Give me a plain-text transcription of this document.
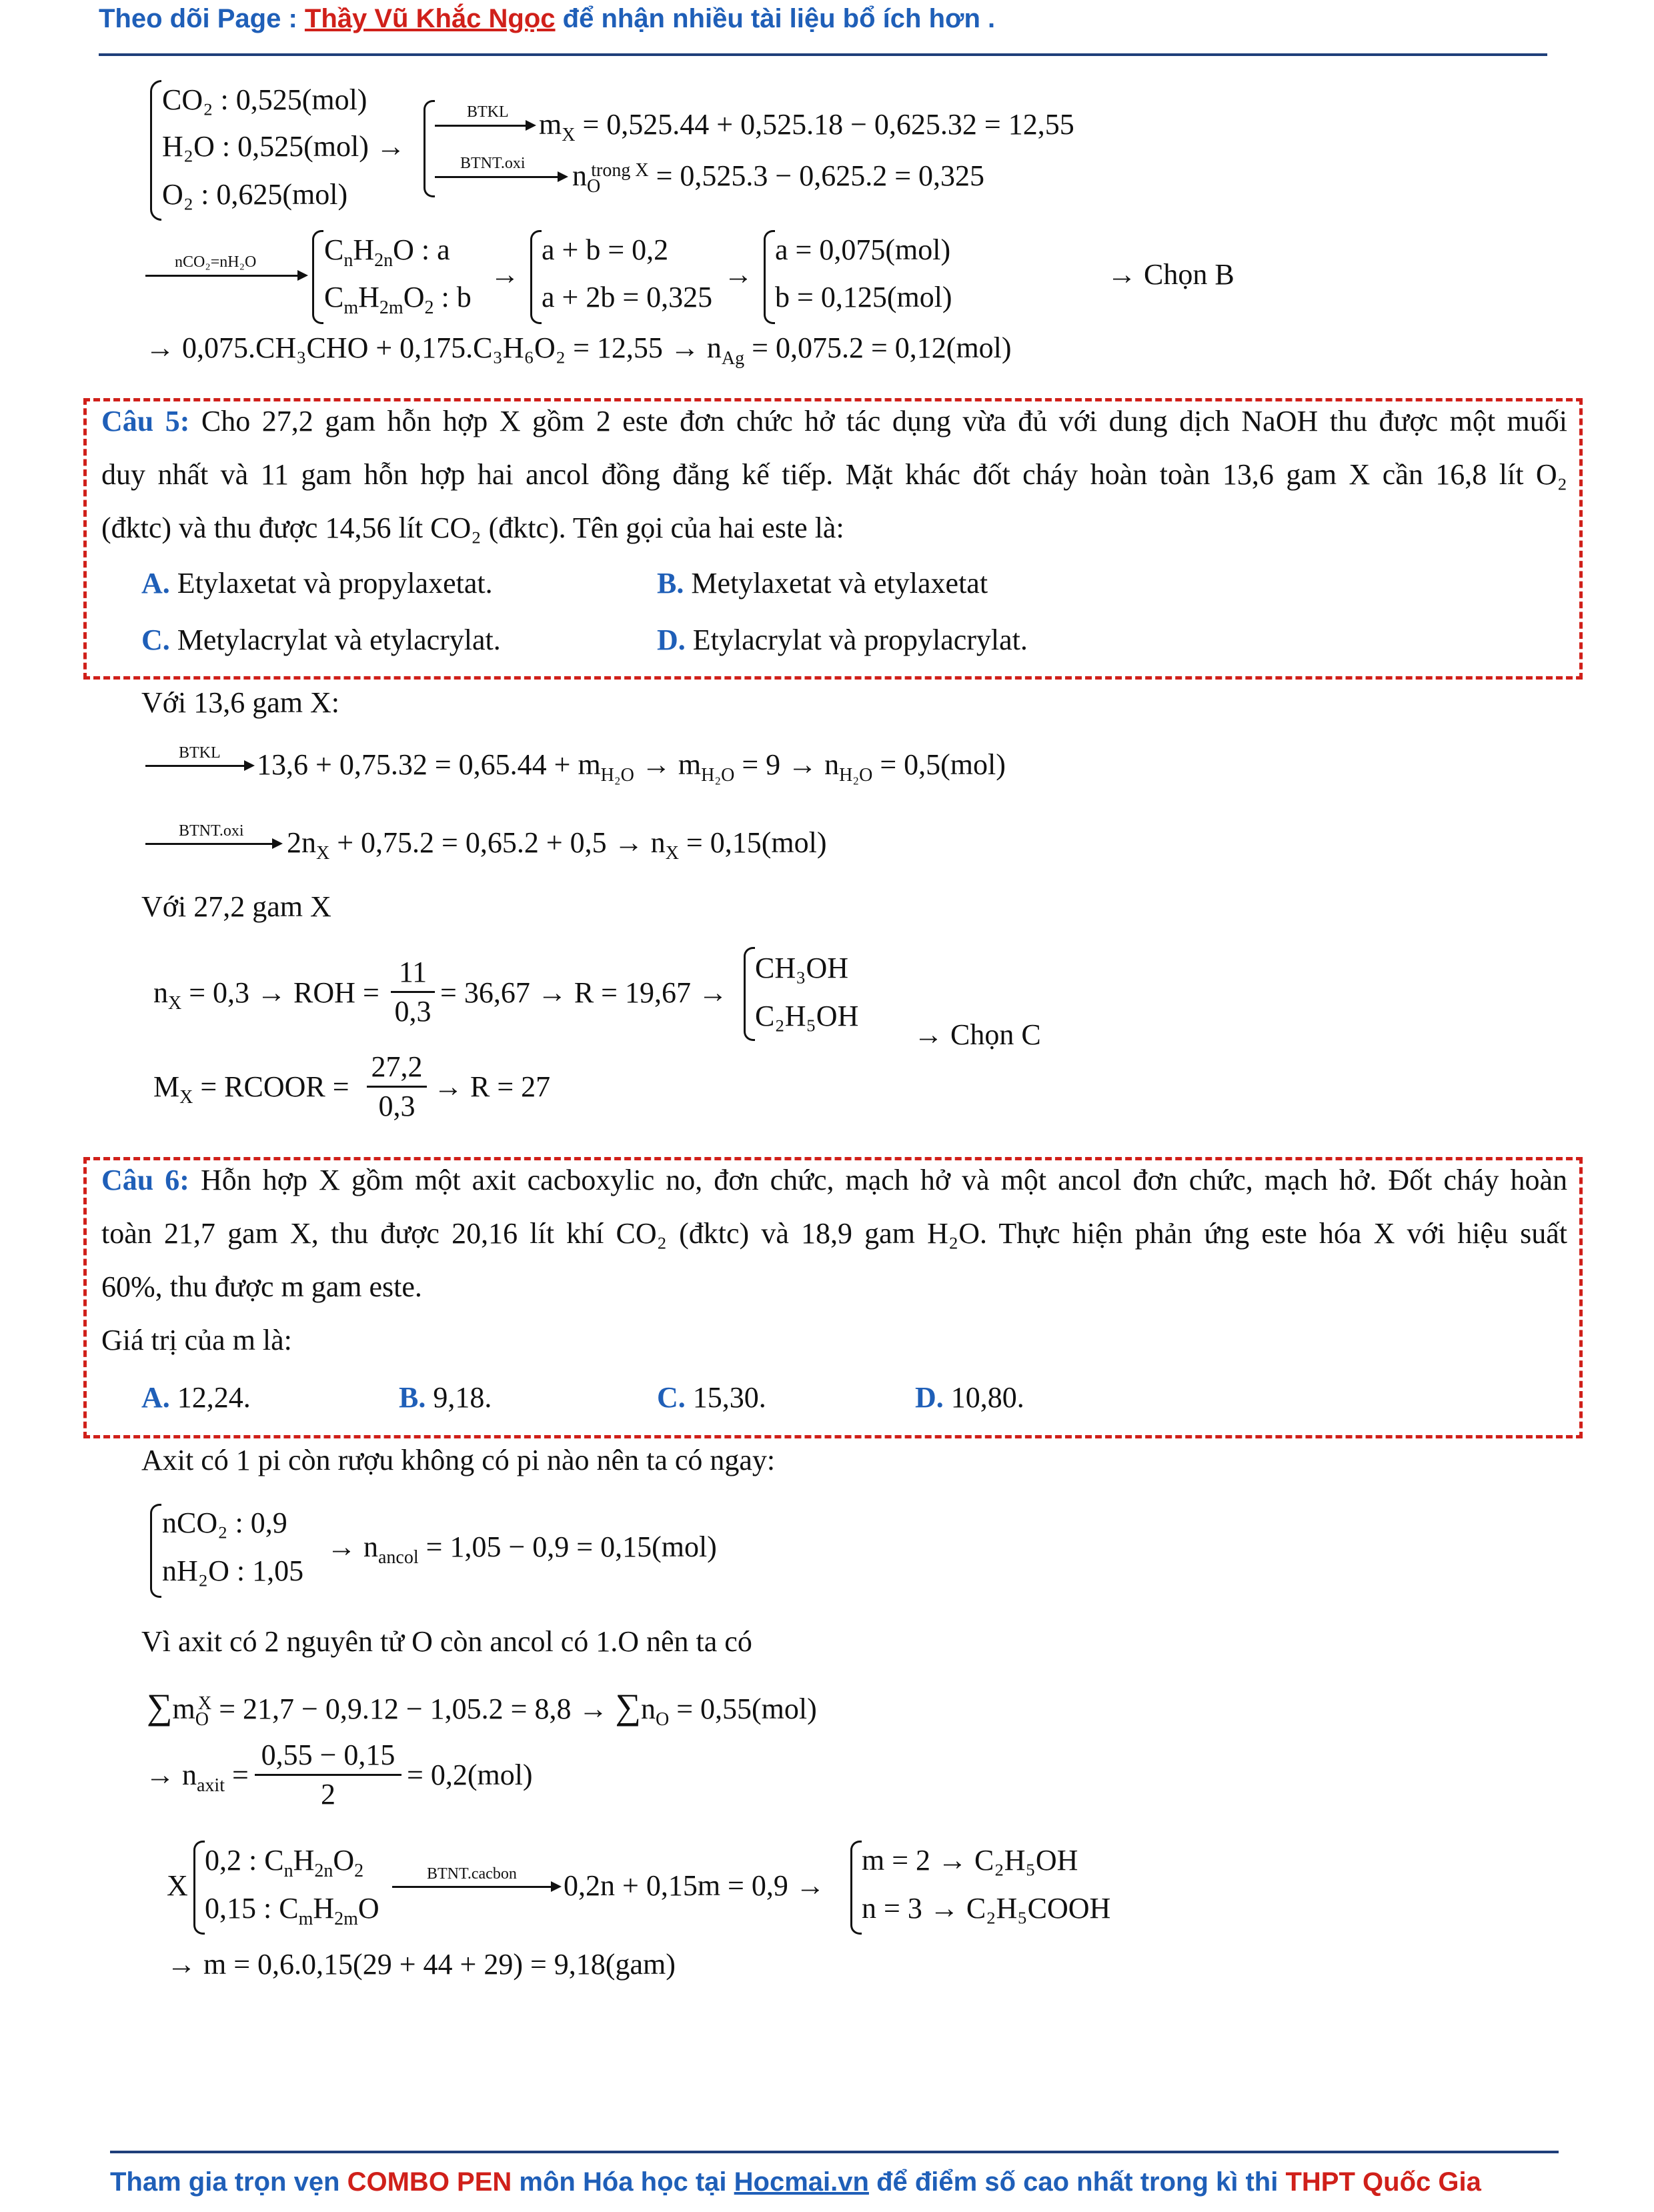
Theo dõi Page : Thầy Vũ Khắc Ngọc để nhận nhiều tài liệu bổ ích hơn .
CO₂ : 0,525(mol)
H₂O : 0,525(mol) →
O₂ : 0,625(mol)
BTKL $m_X = 0,525.44 + 0,525.18 - 0,625.32 = 12,55$
BTNT.oxi $n_O^{trong X} = 0,525.3 - 0,625.2 = 0,325$
nCO₂=nH₂O $C_nH_{2n}O$ : a
$C_mH_{2m}O_2$ : b
→
a + b = 0,2
a + 2b = 0,325
→
a = 0,075(mol)
b = 0,125(mol)
→ Chọn B
→ $0,075.CH_3CHO + 0,175.C_3H_6O_2 = 12,55 \to n_{Ag} = 0,075.2 = 0,12(mol)$
Câu 5: Cho 27,2 gam hỗn hợp X gồm 2 este đơn chức hở tác dụng vừa đủ với dung dịch NaOH thu được một muối
duy nhất và 11 gam hỗn hợp hai ancol đồng đẳng kế tiếp. Mặt khác đốt cháy hoàn toàn 13,6 gam X cần 16,8 lít O₂
(đktc) và thu được 14,56 lít CO₂ (đktc). Tên gọi của hai este là:
A. Etylaxetat và propylaxetat.	B. Metylaxetat và etylaxetat
C. Metylacrylat và etylacrylat.	D. Etylacrylat và propylacrylat.
Với 13,6 gam X:
BTKL $13,6 + 0,75.32 = 0,65.44 + m_{H_2O} \to m_{H_2O} = 9 \to n_{H_2O} = 0,5(mol)$
BTNT.oxi $2n_X + 0,75.2 = 0,65.2 + 0,5 \to n_X = 0,15(mol)$
Với 27,2 gam X
$n_X = 0,3$ → ROH =
11
0,3
= 36,67 → R = 19,67 →
CH₃OH
C₂H₅OH
→ Chọn C
$M_X$ = RCOOR =
27,2
0,3
→ R = 27
Câu 6: Hỗn hợp X gồm một axit cacboxylic no, đơn chức, mạch hở và một ancol đơn chức, mạch hở. Đốt cháy hoàn
toàn 21,7 gam X, thu được 20,16 lít khí CO₂ (đktc) và 18,9 gam H₂O. Thực hiện phản ứng este hóa X với hiệu suất
60%, thu được m gam este.
Giá trị của m là:
A. 12,24.	B. 9,18.	C. 15,30.	D. 10,80.
Axit có 1 pi còn rượu không có pi nào nên ta có ngay:
nCO₂ : 0,9
nH₂O : 1,05
→ $n_{ancol} = 1,05 - 0,9 = 0,15(mol)$
Vì axit có 2 nguyên tử O còn ancol có 1.O nên ta có
$\sum m_O^X = 21,7 - 0,9.12 - 1,05.2 = 8,8 \to \sum n_O = 0,55(mol)$
→ $n_{axit}$ =
0,55 − 0,15
2
= 0,2(mol)
X
0,2 : $C_nH_{2n}O_2$
0,15 : $C_mH_{2m}O$
BTNT.cacbon 0,2n + 0,15m = 0,9 →
m = 2 → C₂H₅OH
n = 3 → C₂H₅COOH
→ m = 0,6.0,15(29 + 44 + 29) = 9,18(gam)
Tham gia trọn vẹn COMBO PEN môn Hóa học tại Hocmai.vn để điểm số cao nhất trong kì thi THPT Quốc Gia
